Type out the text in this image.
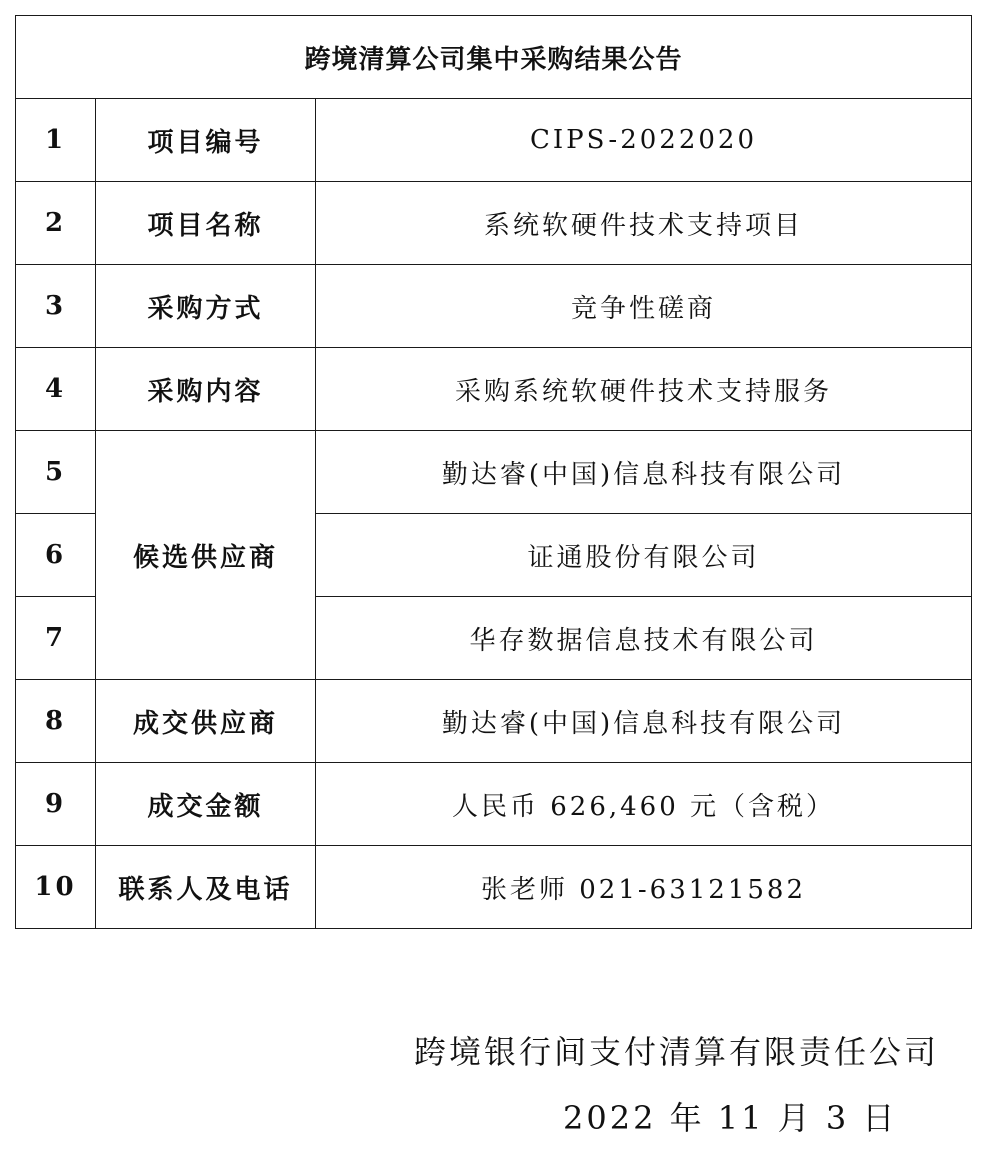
跨境清算公司集中采购结果公告		
1	项目编号	CIPS-2022020
2	项目名称	系统软硬件技术支持项目
3	采购方式	竞争性磋商
4	采购内容	采购系统软硬件技术支持服务
5	候选供应商	勤达睿(中国)信息科技有限公司
6		证通股份有限公司
7		华存数据信息技术有限公司
8	成交供应商	勤达睿(中国)信息科技有限公司
9	成交金额	人民币 626,460 元（含税）
10	联系人及电话	张老师 021-63121582
跨境银行间支付清算有限责任公司
2022 年 11 月 3 日
